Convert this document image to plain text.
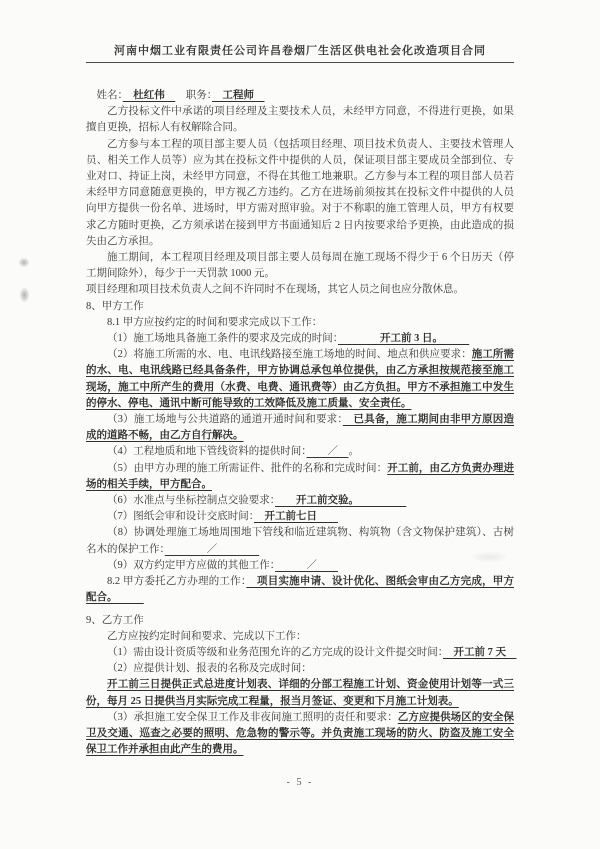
河南中烟工业有限责任公司许昌卷烟厂生活区供电社会化改造项目合同

姓名：　杜红伟　　职务：　工程师　

乙方投标文件中承诺的项目经理及主要技术人员，未经甲方同意，不得进行更换，如果擅自更换，招标人有权解除合同。

乙方参与本工程的项目部主要人员（包括项目经理、项目技术负责人、主要技术管理人员、相关工作人员等）应为其在投标文件中提供的人员，保证项目部主要成员全部到位、专业对口、持证上岗，未经甲方同意，不得在其他工地兼职。乙方参与本工程的项目部人员若未经甲方同意随意更换的，甲方视乙方违约。乙方在进场前须按其在投标文件中提供的人员向甲方提供一份名单、进场时，甲方需对照审验。对于不称职的施工管理人员，甲方有权要求乙方随时更换，乙方须承诺在接到甲方书面通知后 2 日内按要求给予更换，由此造成的损失由乙方承担。

施工期间，本工程项目经理及项目部主要人员每周在施工现场不得少于 6 个日历天（停工期间除外），每少于一天罚款 1000 元。

项目经理和项目技术负责人之间不许同时不在现场，其它人员之间也应分散休息。

8、甲方工作

8.1 甲方应按约定的时间和要求完成以下工作：

（1）施工场地具备施工条件的要求及完成的时间：　　　　开工前 3 日。　　　

（2）将施工所需的水、电、电讯线路接至施工场地的时间、地点和供应要求：施工所需的水、电、电讯线路已经具备条件，甲方协调总承包单位提供，由乙方承担按规范接至施工现场，施工中所产生的费用（水费、电费、通讯费等）由乙方负担。甲方不承担施工中发生的停水、停电、通讯中断可能导致的工效降低及施工质量、安全责任。

（3）施工场地与公共道路的通道开通时间和要求：　已具备，施工期间由非甲方原因造成的道路不畅，由乙方自行解决。

（4）工程地质和地下管线资料的提供时间：　　／　。

（5）由甲方办理的施工所需证件、批件的名称和完成时间：开工前，由乙方负责办理进场的相关手续，甲方配合。

（6）水准点与坐标控制点交验要求：　　开工前交验。　　　　　

（7）图纸会审和设计交底时间：　开工前七日　　

（8）协调处理施工场地周围地下管线和临近建筑物、构筑物（含文物保护建筑）、古树名木的保护工作：　　　　／　　　　

（9）双方约定甲方应做的其他工作：　　　／　　

8.2 甲方委托乙方办理的工作：　项目实施申请、设计优化、图纸会审由乙方完成，甲方配合。　　　

9、乙方工作

乙方应按约定时间和要求、完成以下工作：

（1）需由设计资质等级和业务范围允许的乙方完成的设计文件提交时间：　开工前 7 天　

（2）应提供计划、报表的名称及完成时间：

开工前三日提供正式总进度计划表、详细的分部工程施工计划、资金使用计划等一式三份，每月 25 日提供当月实际完成工程量，报当月签证、变更和下月施工计划表。

（3）承担施工安全保卫工作及非夜间施工照明的责任和要求：乙方应提供场区的安全保卫及交通、巡查之必要的照明、危急物的警示等。并负责施工现场的防火、防盗及施工安全保卫工作并承担由此产生的费用。

- 5 -
